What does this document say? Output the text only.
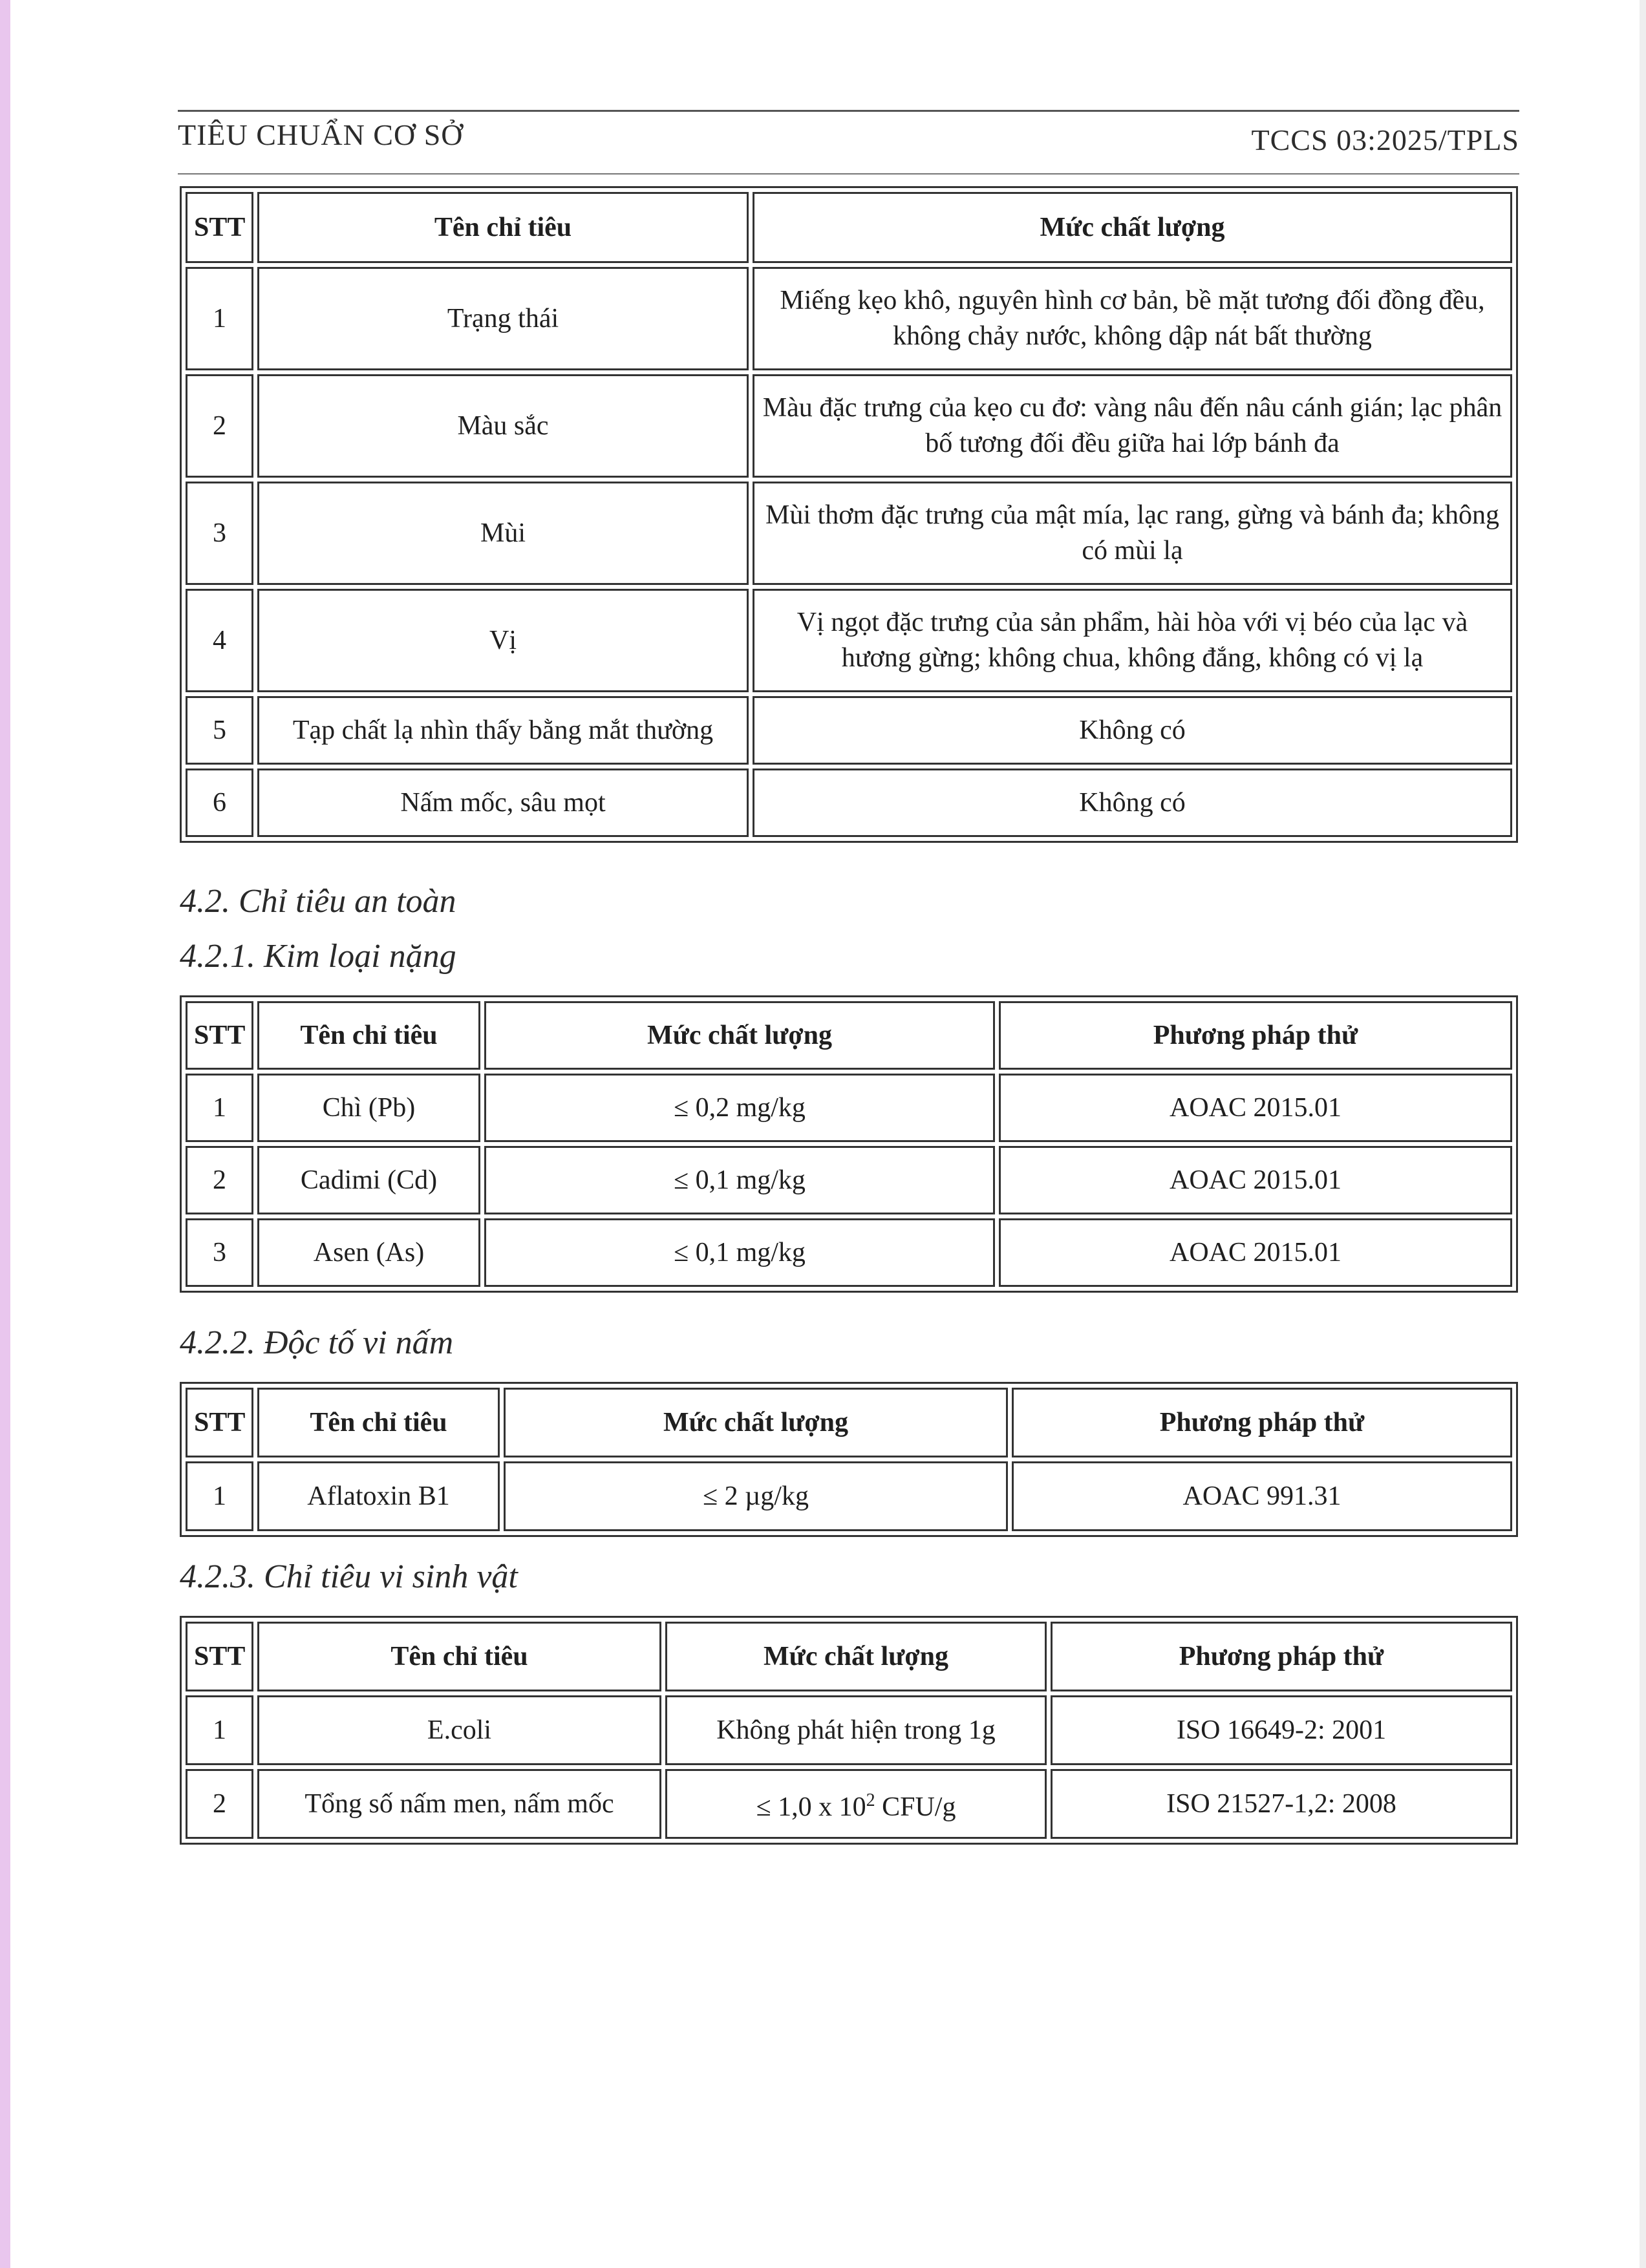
TIÊU CHUẨN CƠ SỞ	TCCS 03:2025/TPLS
STT	Tên chỉ tiêu	Mức chất lượng
1	Trạng thái	Miếng kẹo khô, nguyên hình cơ bản, bề mặt tương đối đồng đều, không chảy nước, không dập nát bất thường
2	Màu sắc	Màu đặc trưng của kẹo cu đơ: vàng nâu đến nâu cánh gián; lạc phân bố tương đối đều giữa hai lớp bánh đa
3	Mùi	Mùi thơm đặc trưng của mật mía, lạc rang, gừng và bánh đa; không có mùi lạ
4	Vị	Vị ngọt đặc trưng của sản phẩm, hài hòa với vị béo của lạc và hương gừng; không chua, không đắng, không có vị lạ
5	Tạp chất lạ nhìn thấy bằng mắt thường	Không có
6	Nấm mốc, sâu mọt	Không có
4.2. Chỉ tiêu an toàn
4.2.1. Kim loại nặng
STT	Tên chỉ tiêu	Mức chất lượng	Phương pháp thử
1	Chì (Pb)	≤ 0,2 mg/kg	AOAC 2015.01
2	Cadimi (Cd)	≤ 0,1 mg/kg	AOAC 2015.01
3	Asen (As)	≤ 0,1 mg/kg	AOAC 2015.01
4.2.2. Độc tố vi nấm
STT	Tên chỉ tiêu	Mức chất lượng	Phương pháp thử
1	Aflatoxin B1	≤ 2 µg/kg	AOAC 991.31
4.2.3. Chỉ tiêu vi sinh vật
STT	Tên chỉ tiêu	Mức chất lượng	Phương pháp thử
1	E.coli	Không phát hiện trong 1g	ISO 16649-2: 2001
2	Tổng số nấm men, nấm mốc	≤ 1,0 x $10^2$ CFU/g	ISO 21527-1,2: 2008
